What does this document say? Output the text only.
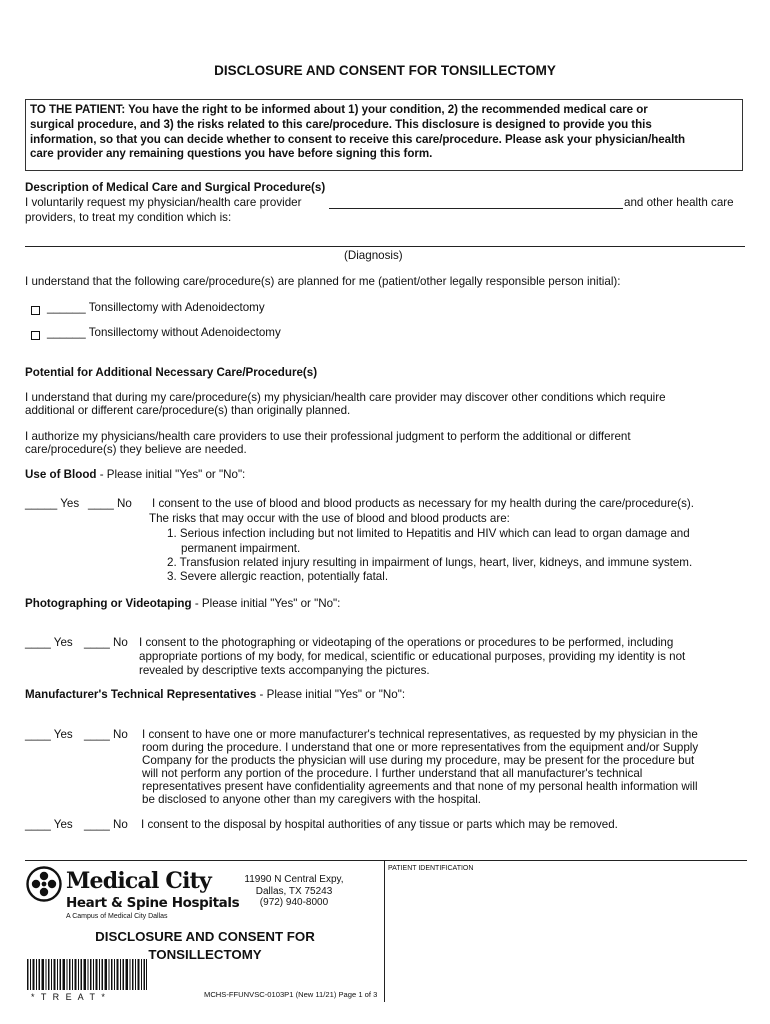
DISCLOSURE AND CONSENT FOR TONSILLECTOMY
TO THE PATIENT: You have the right to be informed about 1) your condition, 2) the recommended medical care or
surgical procedure, and 3) the risks related to this care/procedure. This disclosure is designed to provide you this
information, so that you can decide whether to consent to receive this care/procedure. Please ask your physician/health
care provider any remaining questions you have before signing this form.
Description of Medical Care and Surgical Procedure(s)
I voluntarily request my physician/health care provider	and other health care
providers, to treat my condition which is:
(Diagnosis)
I understand that the following care/procedure(s) are planned for me (patient/other legally responsible person initial):
______ Tonsillectomy with Adenoidectomy
______ Tonsillectomy without Adenoidectomy
Potential for Additional Necessary Care/Procedure(s)
I understand that during my care/procedure(s) my physician/health care provider may discover other conditions which require
additional or different care/procedure(s) than originally planned.
I authorize my physicians/health care providers to use their professional judgment to perform the additional or different
care/procedure(s) they believe are needed.
Use of Blood - Please initial "Yes" or "No":
_____ Yes ____ No I consent to the use of blood and blood products as necessary for my health during the care/procedure(s).
The risks that may occur with the use of blood and blood products are:
1. Serious infection including but not limited to Hepatitis and HIV which can lead to organ damage and
permanent impairment.
2. Transfusion related injury resulting in impairment of lungs, heart, liver, kidneys, and immune system.
3. Severe allergic reaction, potentially fatal.
Photographing or Videotaping - Please initial "Yes" or "No":
____ Yes ____ No I consent to the photographing or videotaping of the operations or procedures to be performed, including
appropriate portions of my body, for medical, scientific or educational purposes, providing my identity is not
revealed by descriptive texts accompanying the pictures.
Manufacturer's Technical Representatives - Please initial "Yes" or "No":
____ Yes ____ No I consent to have one or more manufacturer's technical representatives, as requested by my physician in the
room during the procedure. I understand that one or more representatives from the equipment and/or Supply
Company for the products the physician will use during my procedure, may be present for the procedure but
will not perform any portion of the procedure. I further understand that all manufacturer's technical
representatives present have confidentiality agreements and that none of my personal health information will
be disclosed to anyone other than my caregivers with the hospital.
____ Yes ____ No I consent to the disposal by hospital authorities of any tissue or parts which may be removed.
PATIENT IDENTIFICATION
Medical City
Heart & Spine Hospitals
A Campus of Medical City Dallas
11990 N Central Expy,
Dallas, TX 75243
(972) 940-8000
DISCLOSURE AND CONSENT FOR
TONSILLECTOMY
* T R E A T *	MCHS-FFUNVSC-0103P1 (New 11/21) Page 1 of 3
